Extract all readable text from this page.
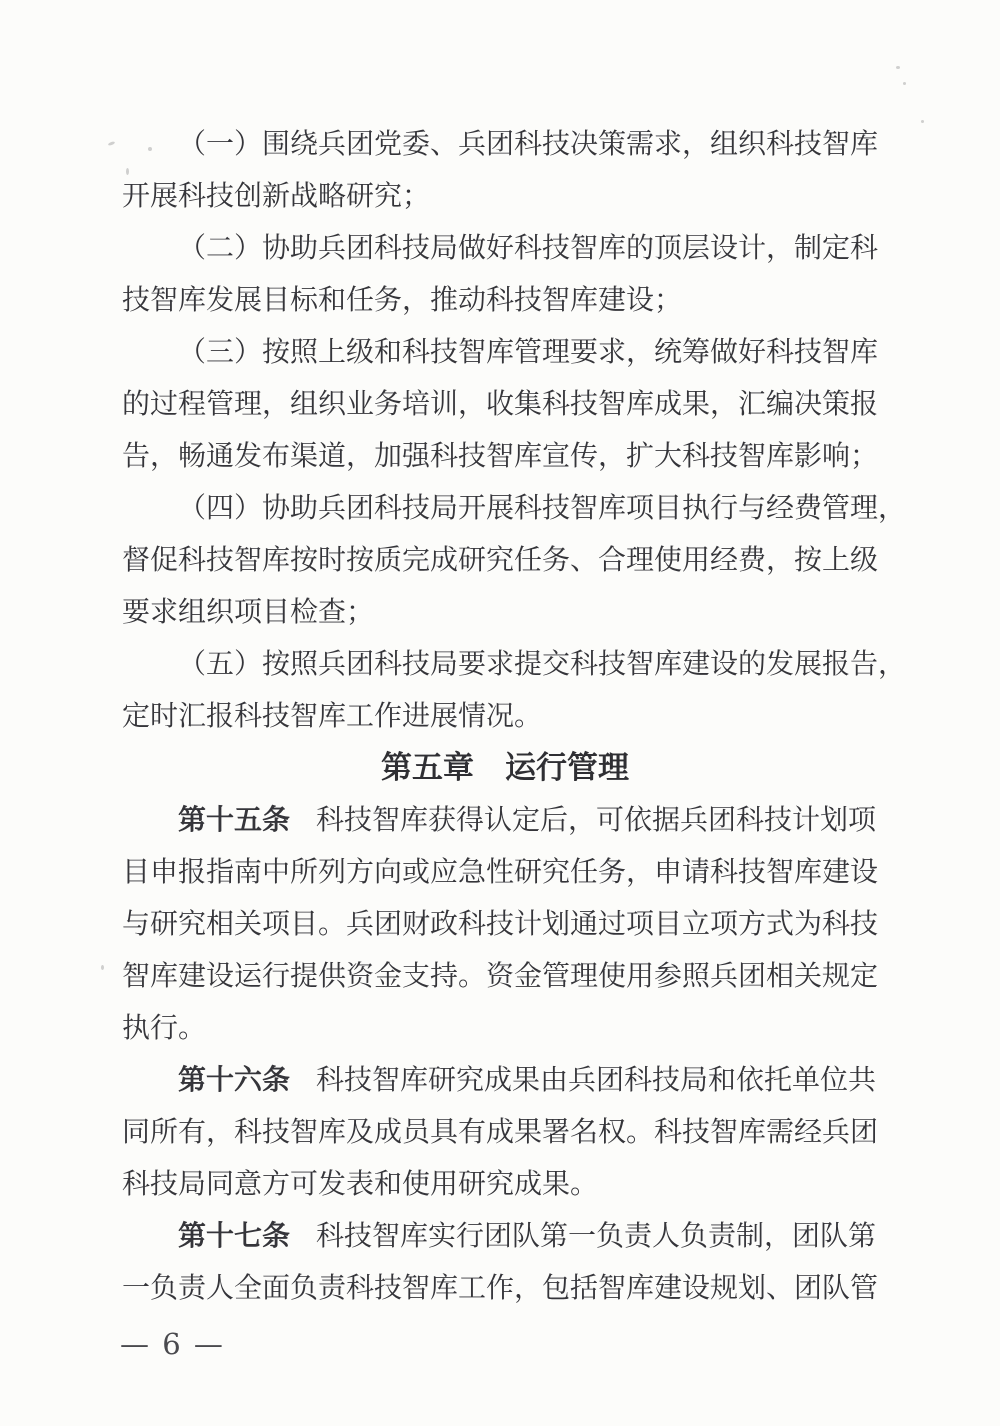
（一）围绕兵团党委、兵团科技决策需求，组织科技智库
开展科技创新战略研究；
（二）协助兵团科技局做好科技智库的顶层设计，制定科
技智库发展目标和任务，推动科技智库建设；
（三）按照上级和科技智库管理要求，统筹做好科技智库
的过程管理，组织业务培训，收集科技智库成果，汇编决策报
告，畅通发布渠道，加强科技智库宣传，扩大科技智库影响；
（四）协助兵团科技局开展科技智库项目执行与经费管理，
督促科技智库按时按质完成研究任务、合理使用经费，按上级
要求组织项目检查；
（五）按照兵团科技局要求提交科技智库建设的发展报告，
定时汇报科技智库工作进展情况。
第五章　运行管理
第十五条 科技智库获得认定后，可依据兵团科技计划项
目申报指南中所列方向或应急性研究任务，申请科技智库建设
与研究相关项目。兵团财政科技计划通过项目立项方式为科技
智库建设运行提供资金支持。资金管理使用参照兵团相关规定
执行。
第十六条 科技智库研究成果由兵团科技局和依托单位共
同所有，科技智库及成员具有成果署名权。科技智库需经兵团
科技局同意方可发表和使用研究成果。
第十七条 科技智库实行团队第一负责人负责制，团队第
一负责人全面负责科技智库工作，包括智库建设规划、团队管
— 6 —
